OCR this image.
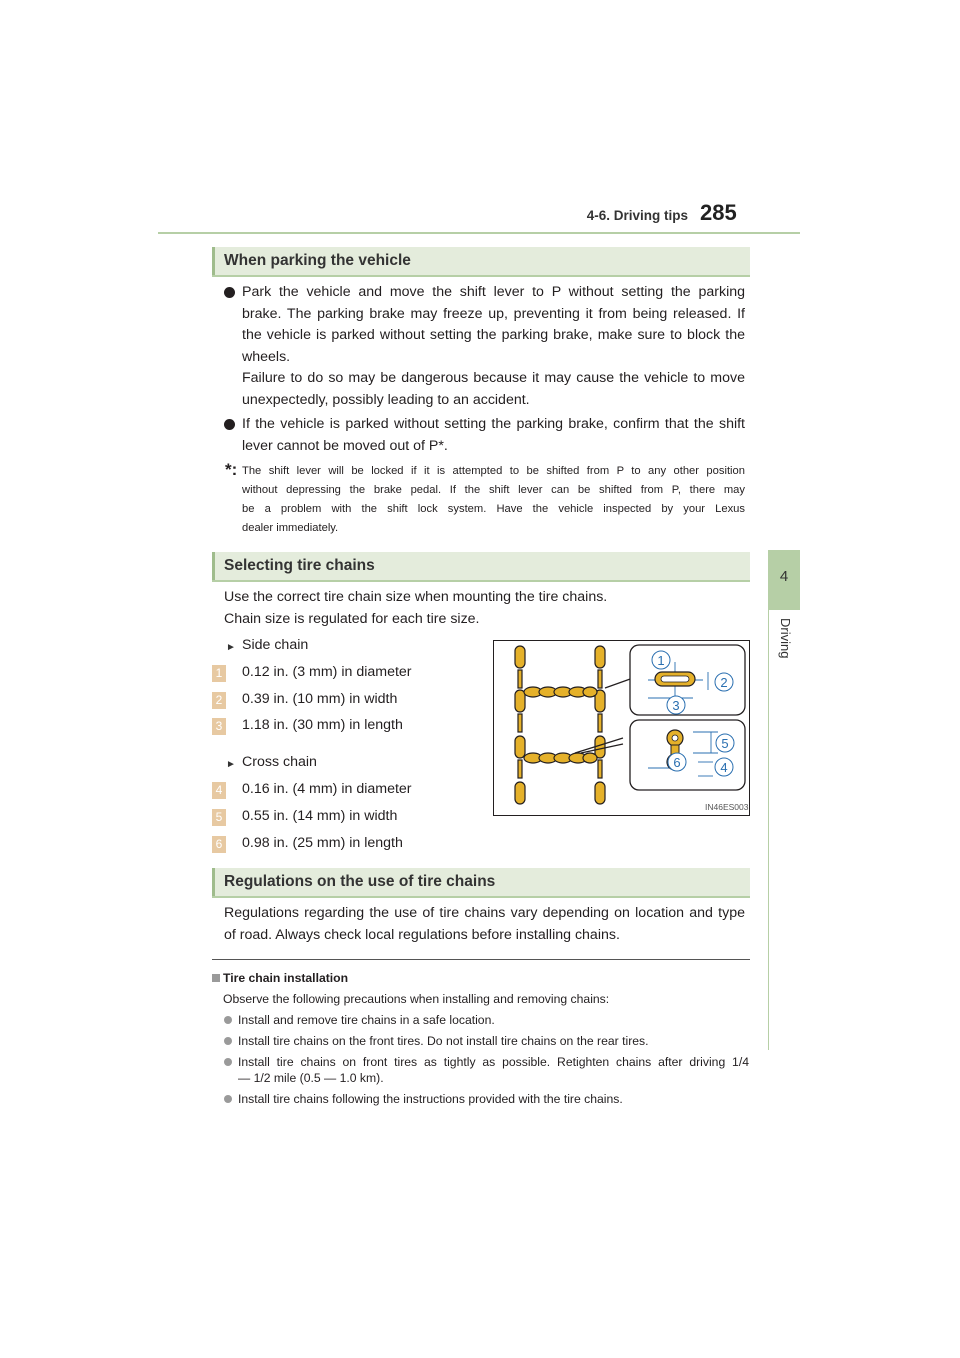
4-6. Driving tips 285
4
Driving
When parking the vehicle
Park the vehicle and move the shift lever to P without setting the parking
brake. The parking brake may freeze up, preventing it from being released. If
the vehicle is parked without setting the parking brake, make sure to block the
wheels.
Failure to do so may be dangerous because it may cause the vehicle to move
unexpectedly, possibly leading to an accident.
If the vehicle is parked without setting the parking brake, confirm that the shift
lever cannot be moved out of P*.
*: The shift lever will be locked if it is attempted to be shifted from P to any other position
without depressing the brake pedal. If the shift lever can be shifted from P, there may
be a problem with the shift lock system. Have the vehicle inspected by your Lexus
dealer immediately.
Selecting tire chains
Use the correct tire chain size when mounting the tire chains.
Chain size is regulated for each tire size.
► Side chain
1 0.12 in. (3 mm) in diameter
2 0.39 in. (10 mm) in width
3 1.18 in. (30 mm) in length
► Cross chain
4 0.16 in. (4 mm) in diameter
5 0.55 in. (14 mm) in width
6 0.98 in. (25 mm) in length
1
2
3
5
6	4
IN46ES003
Regulations on the use of tire chains
Regulations regarding the use of tire chains vary depending on location and type
of road. Always check local regulations before installing chains.
Tire chain installation
Observe the following precautions when installing and removing chains:
Install and remove tire chains in a safe location.
Install tire chains on the front tires. Do not install tire chains on the rear tires.
Install tire chains on front tires as tightly as possible. Retighten chains after driving 1/4
— 1/2 mile (0.5 — 1.0 km).
Install tire chains following the instructions provided with the tire chains.
